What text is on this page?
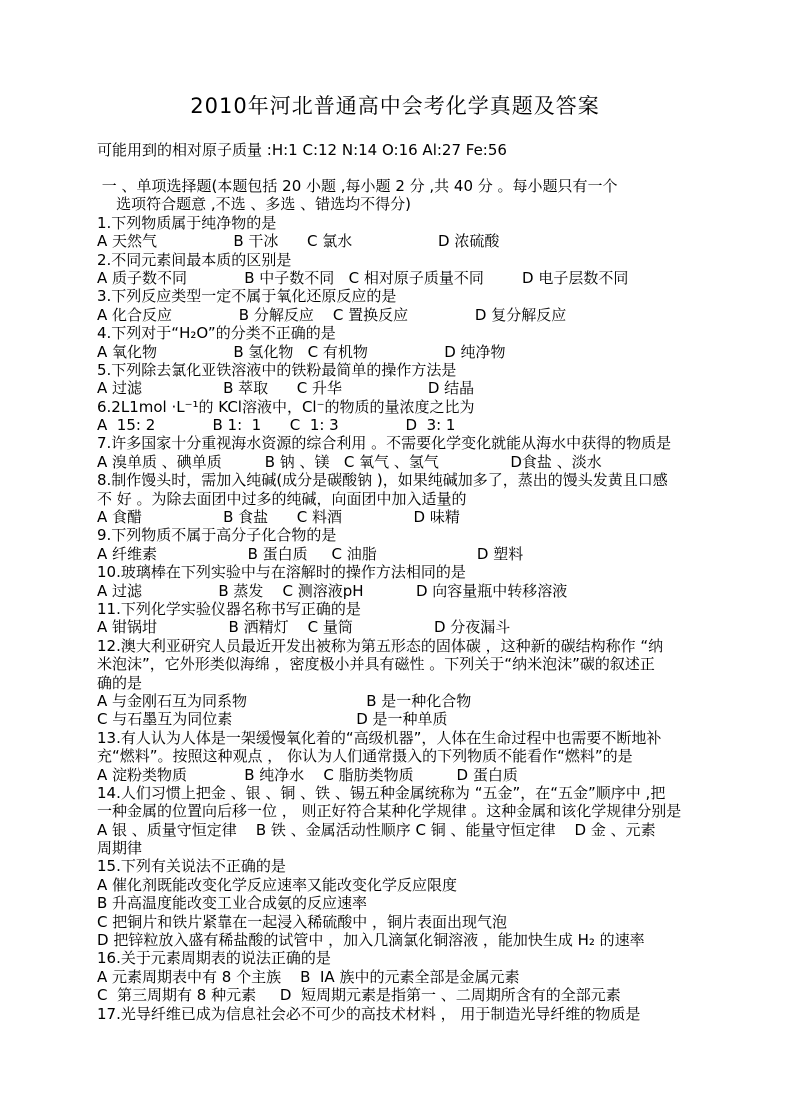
2010年河北普通高中会考化学真题及答案
可能用到的相对原子质量 :H:1 C:12 N:14 O:16 Al:27 Fe:56
一 、单项选择题(本题包括 20 小题 ,每小题 2 分 ,共 40 分 。每小题只有一个
选项符合题意 ,不选 、多选 、错选均不得分)
1.下列物质属于纯净物的是
A 天然气                B 干冰      C 氯水                  D 浓硫酸
2.不同元素间最本质的区别是
A 质子数不同            B 中子数不同   C 相对原子质量不同        D 电子层数不同
3.下列反应类型一定不属于氧化还原反应的是
A 化合反应              B 分解反应    C 置换反应              D 复分解反应
4.下列对于“H₂O”的分类不正确的是
A 氧化物                B 氢化物   C 有机物                D 纯净物
5.下列除去氯化亚铁溶液中的铁粉最简单的操作方法是
A 过滤                 B 萃取      C 升华                  D 结晶
6.2L1mol ·L⁻¹的 KCl溶液中，Cl⁻的物质的量浓度之比为
A  15: 2            B 1:  1      C  1: 3              D  3: 1
7.许多国家十分重视海水资源的综合利用 。不需要化学变化就能从海水中获得的物质是
A 溴单质 、碘单质         B 钠 、镁   C 氧气 、氢气               D食盐 、淡水
8.制作馒头时，需加入纯碱(成分是碳酸钠 )，如果纯碱加多了，蒸出的馒头发黄且口感
不 好 。为除去面团中过多的纯碱，向面团中加入适量的
A 食醋                 B 食盐      C 料酒               D 味精
9.下列物质不属于高分子化合物的是
A 纤维素                   B 蛋白质     C 油脂                     D 塑料
10.玻璃棒在下列实验中与在溶解时的操作方法相同的是
A 过滤                B 蒸发    C 测溶液pH           D 向容量瓶中转移溶液
11.下列化学实验仪器名称书写正确的是
A 钳锅坩               B 洒精灯    C 量筒                 D 分夜漏斗
12.澳大利亚研究人员最近开发出被称为第五形态的固体碳 ，这种新的碳结构称作 “纳
米泡沫”，它外形类似海绵 ，密度极小并具有磁性 。下列关于“纳米泡沫”碳的叙述正
确的是
A 与金刚石互为同系物                         B 是一种化合物
C 与石墨互为同位素                          D 是一种单质
13.有人认为人体是一架缓慢氧化着的“高级机器”，人体在生命过程中也需要不断地补
充“燃料”。按照这种观点 ， 你认为人们通常摄入的下列物质不能看作“燃料”的是
A 淀粉类物质            B 纯净水    C 脂肪类物质         D 蛋白质
14.人们习惯上把金 、银 、铜 、铁 、锡五种金属统称为 “五金”，在“五金”顺序中 ,把
一种金属的位置向后移一位 ， 则正好符合某种化学规律 。这种金属和该化学规律分别是
A 银 、质量守恒定律    B 铁 、金属活动性顺序 C 铜 、能量守恒定律    D 金 、元素
周期律
15.下列有关说法不正确的是
A 催化剂既能改变化学反应速率又能改变化学反应限度
B 升高温度能改变工业合成氨的反应速率
C 把铜片和铁片紧靠在一起浸入稀硫酸中 ，铜片表面出现气泡
D 把锌粒放入盛有稀盐酸的试管中 ，加入几滴氯化铜溶液 ，能加快生成 H₂ 的速率
16.关于元素周期表的说法正确的是
A 元素周期表中有 8 个主族    B  IA 族中的元素全部是金属元素
C  第三周期有 8 种元素     D  短周期元素是指第一 、二周期所含有的全部元素
17.光导纤维已成为信息社会必不可少的高技术材料 ， 用于制造光导纤维的物质是
